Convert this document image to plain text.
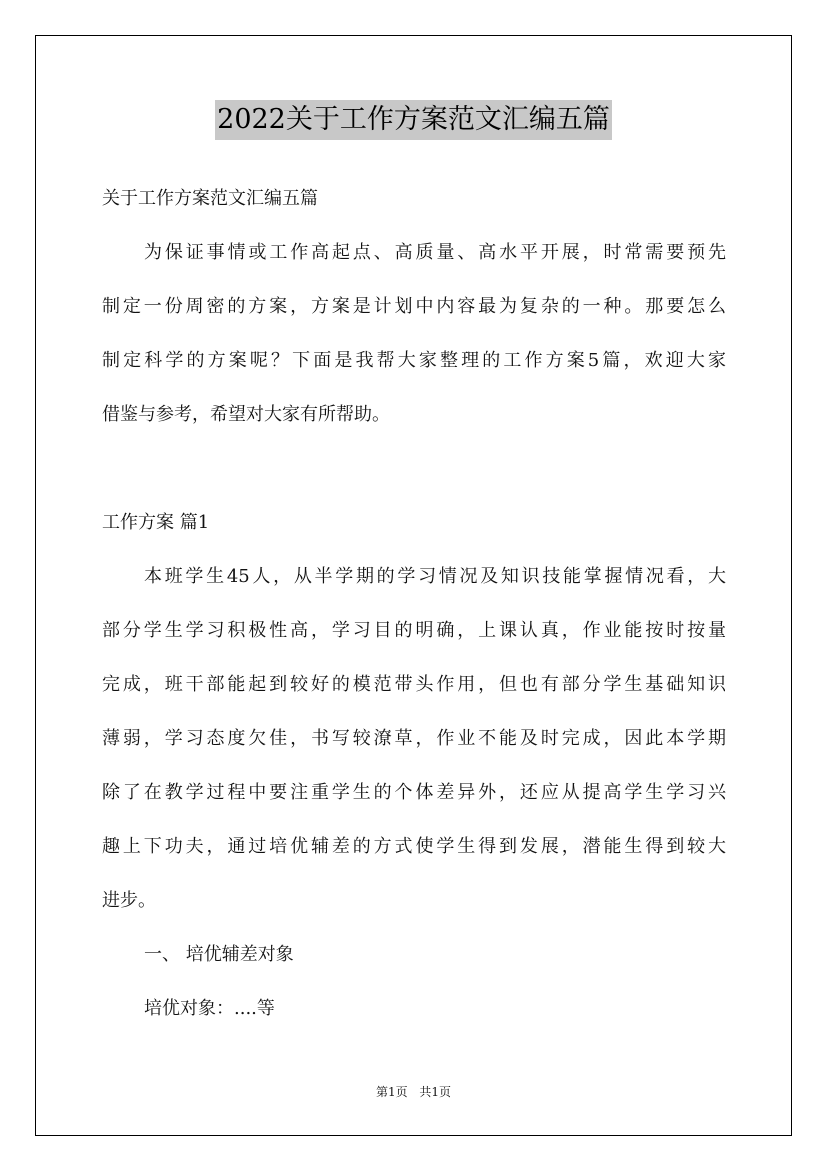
2022关于工作方案范文汇编五篇
关于工作方案范文汇编五篇
为保证事情或工作高起点、高质量、高水平开展，时常需要预先
制定一份周密的方案，方案是计划中内容最为复杂的一种。那要怎么
制定科学的方案呢？下面是我帮大家整理的工作方案5篇，欢迎大家
借鉴与参考，希望对大家有所帮助。
工作方案 篇1
本班学生45人，从半学期的学习情况及知识技能掌握情况看，大
部分学生学习积极性高，学习目的明确，上课认真，作业能按时按量
完成，班干部能起到较好的模范带头作用，但也有部分学生基础知识
薄弱，学习态度欠佳，书写较潦草，作业不能及时完成，因此本学期
除了在教学过程中要注重学生的个体差异外，还应从提高学生学习兴
趣上下功夫，通过培优辅差的方式使学生得到发展，潜能生得到较大
进步。
一、 培优辅差对象
培优对象：....等
第1页 共1页
